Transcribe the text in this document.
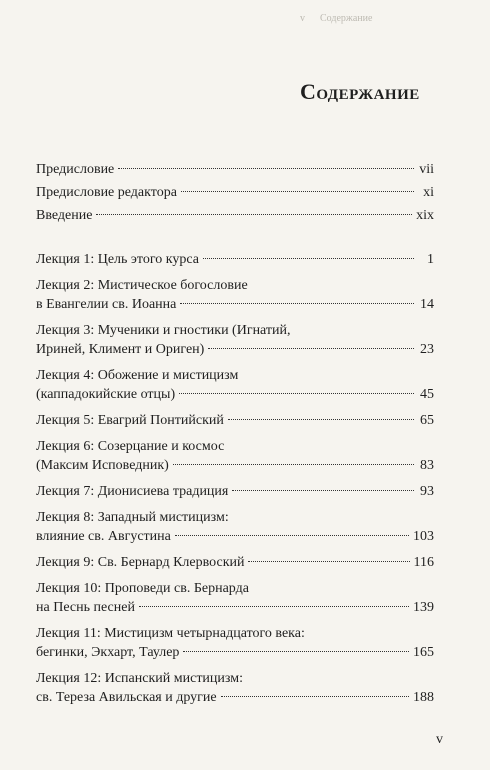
v      Содержание
Содержание
Предисловие	vii
Предисловие редактора	xi
Введение	xix
Лекция 1: Цель этого курса	1
Лекция 2: Мистическое богословие
в Евангелии св. Иоанна	14
Лекция 3: Мученики и гностики (Игнатий,
Ириней, Климент и Ориген)	23
Лекция 4: Обожение и мистицизм
(каппадокийские отцы)	45
Лекция 5: Евагрий Понтийский	65
Лекция 6: Созерцание и космос
(Максим Исповедник)	83
Лекция 7: Дионисиева традиция	93
Лекция 8: Западный мистицизм:
влияние св. Августина	103
Лекция 9: Св. Бернард Клервоский	116
Лекция 10: Проповеди св. Бернарда
на Песнь песней	139
Лекция 11: Мистицизм четырнадцатого века:
бегинки, Экхарт, Таулер	165
Лекция 12: Испанский мистицизм:
св. Тереза Авильская и другие	188
v
